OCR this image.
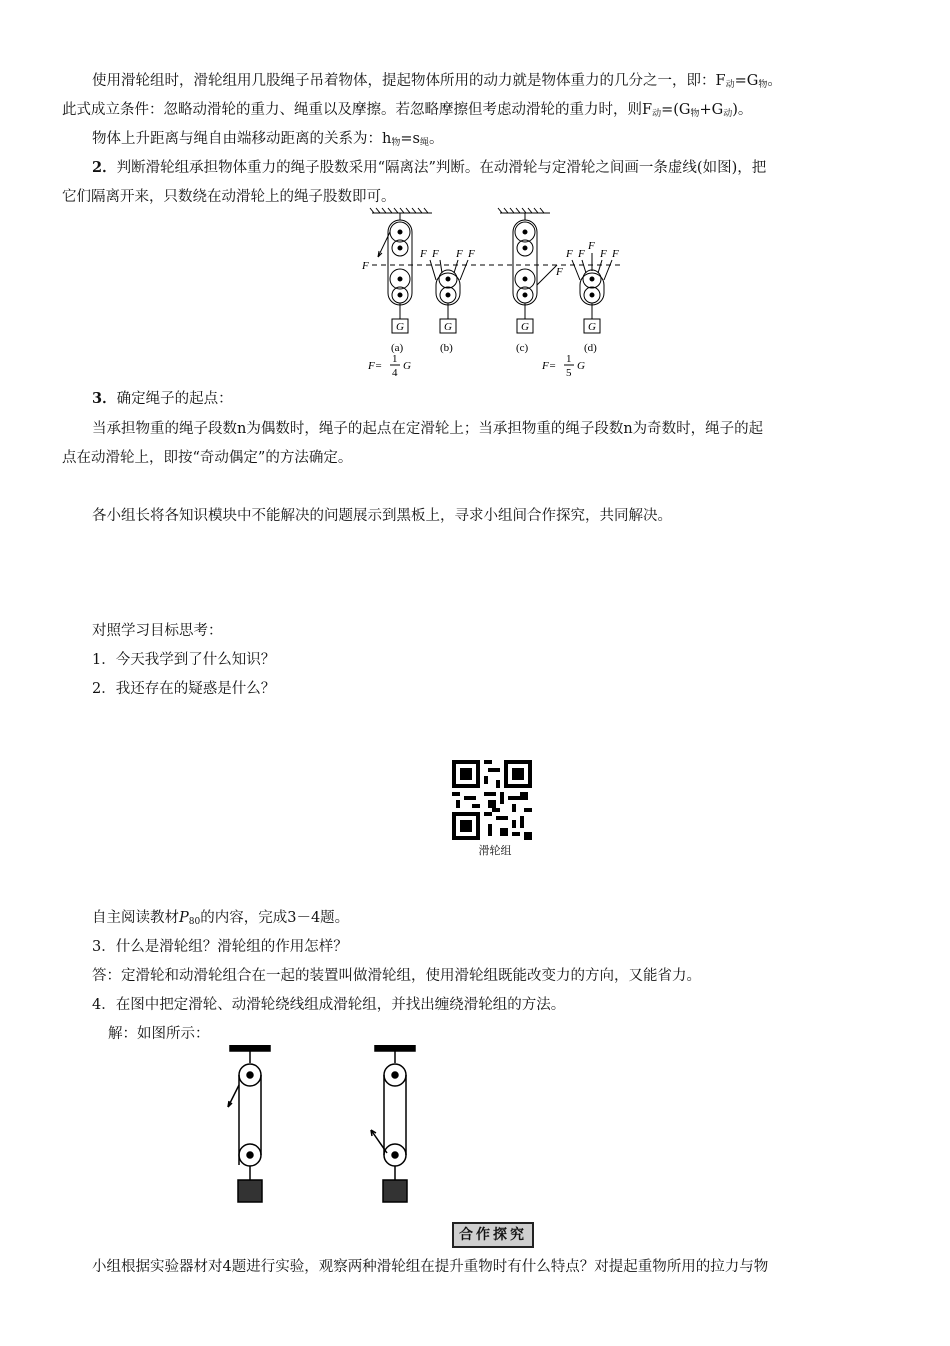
使用滑轮组时，滑轮组用几股绳子吊着物体，提起物体所用的动力就是物体重力的几分之一，即：F动=G物。
此式成立条件：忽略动滑轮的重力、绳重以及摩擦。若忽略摩擦但考虑动滑轮的重力时，则F动=(G物+G动)。
物体上升距离与绳自由端移动距离的关系为：h物=s绳。
2．判断滑轮组承担物体重力的绳子股数采用“隔离法”判断。在动滑轮与定滑轮之间画一条虚线(如图)，把
它们隔离开来，只数绕在动滑轮上的绳子股数即可。
F
F F F F
F
F F
F
F F
G	G	G	G
(a)	(b)	(c)	(d)
F=
1
4
G	F=
1
5
G
3．确定绳子的起点：
当承担物重的绳子段数n为偶数时，绳子的起点在定滑轮上；当承担物重的绳子段数n为奇数时，绳子的起
点在动滑轮上，即按“奇动偶定”的方法确定。
各小组长将各知识模块中不能解决的问题展示到黑板上，寻求小组间合作探究，共同解决。
对照学习目标思考：
1．今天我学到了什么知识？
2．我还存在的疑惑是什么？
滑轮组
自主阅读教材P80的内容，完成3－4题。
3．什么是滑轮组？滑轮组的作用怎样？
答：定滑轮和动滑轮组合在一起的装置叫做滑轮组，使用滑轮组既能改变力的方向，又能省力。
4．在图中把定滑轮、动滑轮绕线组成滑轮组，并找出缠绕滑轮组的方法。
解：如图所示：
合作探究
小组根据实验器材对4题进行实验，观察两种滑轮组在提升重物时有什么特点？对提起重物所用的拉力与物
